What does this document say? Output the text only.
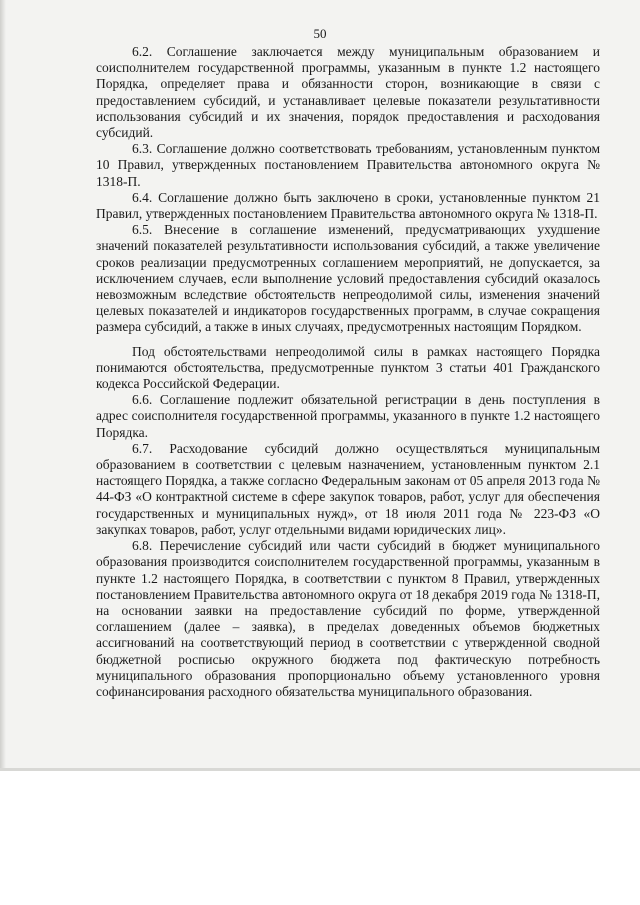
50

6.2. Соглашение заключается между муниципальным образованием и соисполнителем государственной программы, указанным в пункте 1.2 настоящего Порядка, определяет права и обязанности сторон, возникающие в связи с предоставлением субсидий, и устанавливает целевые показатели результативности использования субсидий и их значения, порядок предоставления и расходования субсидий.

6.3. Соглашение должно соответствовать требованиям, установленным пунктом 10 Правил, утвержденных постановлением Правительства автономного округа № 1318-П.

6.4. Соглашение должно быть заключено в сроки, установленные пунктом 21 Правил, утвержденных постановлением Правительства автономного округа № 1318-П.

6.5. Внесение в соглашение изменений, предусматривающих ухудшение значений показателей результативности использования субсидий, а также увеличение сроков реализации предусмотренных соглашением мероприятий, не допускается, за исключением случаев, если выполнение условий предоставления субсидий оказалось невозможным вследствие обстоятельств непреодолимой силы, изменения значений целевых показателей и индикаторов государственных программ, в случае сокращения размера субсидий, а также в иных случаях, предусмотренных настоящим Порядком.

Под обстоятельствами непреодолимой силы в рамках настоящего Порядка понимаются обстоятельства, предусмотренные пунктом 3 статьи 401 Гражданского кодекса Российской Федерации.

6.6. Соглашение подлежит обязательной регистрации в день поступления в адрес соисполнителя государственной программы, указанного в пункте 1.2 настоящего Порядка.

6.7. Расходование субсидий должно осуществляться муниципальным образованием в соответствии с целевым назначением, установленным пунктом 2.1 настоящего Порядка, а также согласно Федеральным законам от 05 апреля 2013 года № 44-ФЗ «О контрактной системе в сфере закупок товаров, работ, услуг для обеспечения государственных и муниципальных нужд», от 18 июля 2011 года № 223-ФЗ «О закупках товаров, работ, услуг отдельными видами юридических лиц».

6.8. Перечисление субсидий или части субсидий в бюджет муниципального образования производится соисполнителем государственной программы, указанным в пункте 1.2 настоящего Порядка, в соответствии с пунктом 8 Правил, утвержденных постановлением Правительства автономного округа от 18 декабря 2019 года № 1318-П, на основании заявки на предоставление субсидий по форме, утвержденной соглашением (далее – заявка), в пределах доведенных объемов бюджетных ассигнований на соответствующий период в соответствии с утвержденной сводной бюджетной росписью окружного бюджета под фактическую потребность муниципального образования пропорционально объему установленного уровня софинансирования расходного обязательства муниципального образования.
